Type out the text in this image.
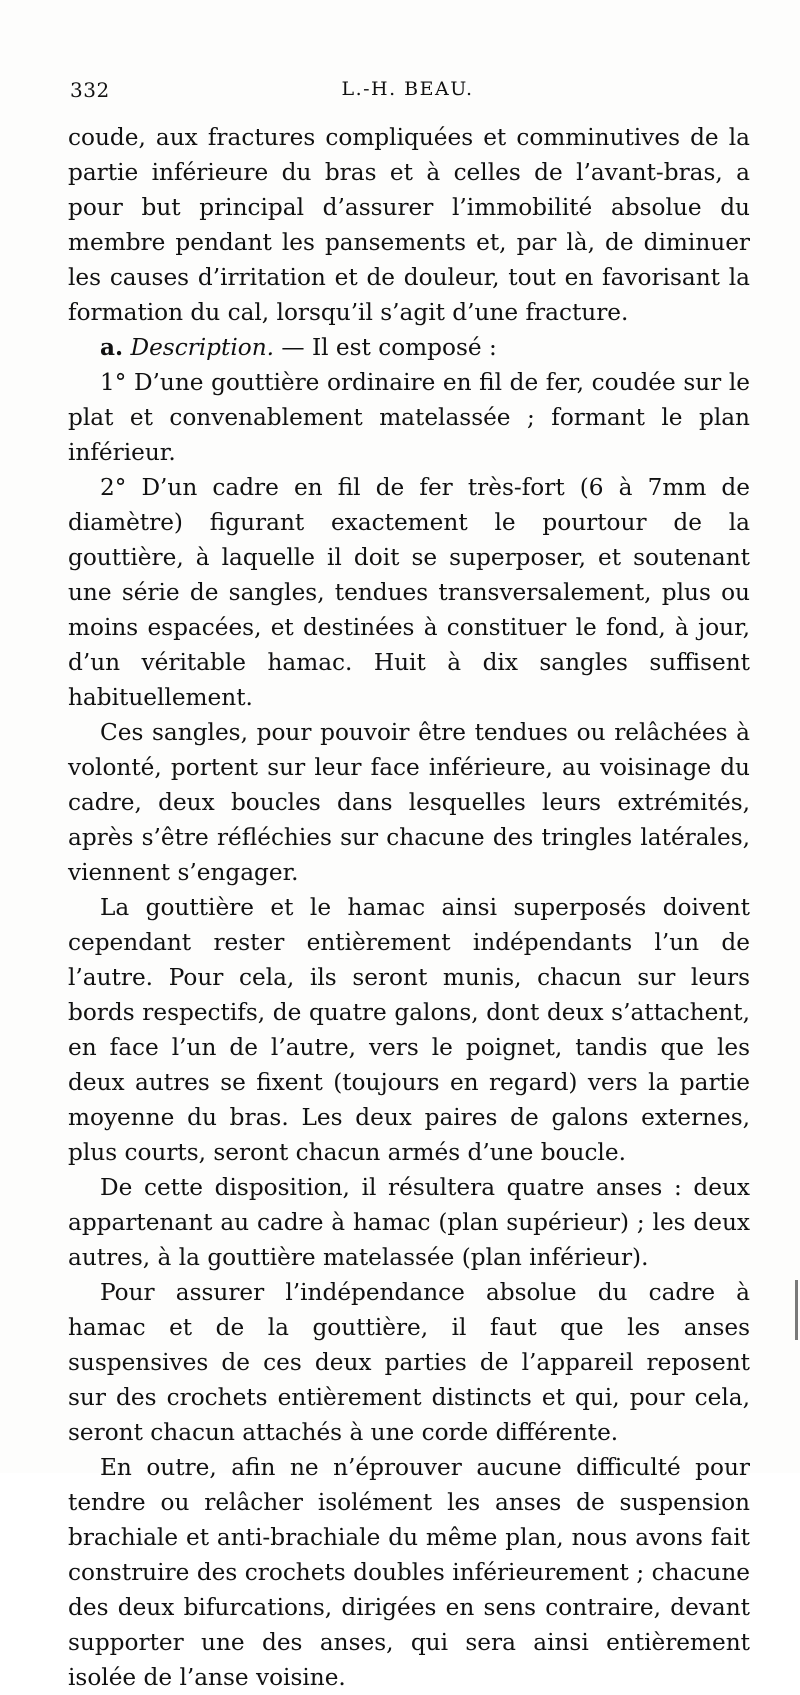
332	L.-H. BEAU.

coude, aux fractures compliquées et comminutives de la partie inférieure du bras et à celles de l’avant-bras, a pour but principal d’assurer l’immobilité absolue du membre pendant les pansements et, par là, de diminuer les causes d’irritation et de douleur, tout en favorisant la formation du cal, lorsqu’il s’agit d’une fracture.

a. Description. — Il est composé :

1° D’une gouttière ordinaire en fil de fer, coudée sur le plat et convenablement matelassée ; formant le plan inférieur.

2° D’un cadre en fil de fer très-fort (6 à 7mm de diamètre) figurant exactement le pourtour de la gouttière, à laquelle il doit se superposer, et soutenant une série de sangles, tendues transversalement, plus ou moins espacées, et destinées à constituer le fond, à jour, d’un véritable hamac. Huit à dix sangles suffisent habituellement.

Ces sangles, pour pouvoir être tendues ou relâchées à volonté, portent sur leur face inférieure, au voisinage du cadre, deux boucles dans lesquelles leurs extrémités, après s’être réfléchies sur chacune des tringles latérales, viennent s’engager.

La gouttière et le hamac ainsi superposés doivent cependant rester entièrement indépendants l’un de l’autre. Pour cela, ils seront munis, chacun sur leurs bords respectifs, de quatre galons, dont deux s’attachent, en face l’un de l’autre, vers le poignet, tandis que les deux autres se fixent (toujours en regard) vers la partie moyenne du bras. Les deux paires de galons externes, plus courts, seront chacun armés d’une boucle.

De cette disposition, il résultera quatre anses : deux appartenant au cadre à hamac (plan supérieur) ; les deux autres, à la gouttière matelassée (plan inférieur).

Pour assurer l’indépendance absolue du cadre à hamac et de la gouttière, il faut que les anses suspensives de ces deux parties de l’appareil reposent sur des crochets entièrement distincts et qui, pour cela, seront chacun attachés à une corde différente.

En outre, afin ne n’éprouver aucune difficulté pour tendre ou relâcher isolément les anses de suspension brachiale et anti-brachiale du même plan, nous avons fait construire des crochets doubles inférieurement ; chacune des deux bifurcations, dirigées en sens contraire, devant supporter une des anses, qui sera ainsi entièrement isolée de l’anse voisine.
